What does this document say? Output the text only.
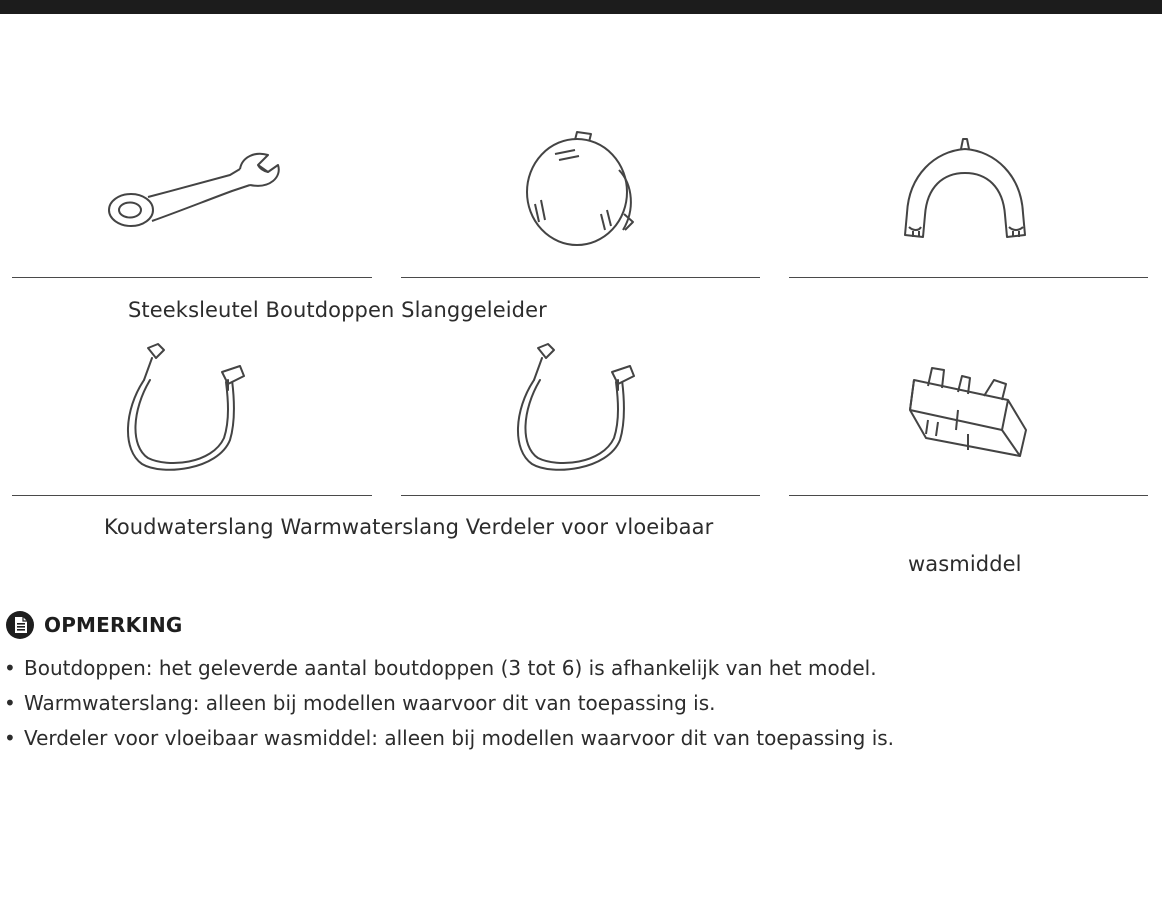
Steeksleutel Boutdoppen Slanggeleider
Koudwaterslang Warmwaterslang Verdeler voor vloeibaar
wasmiddel
OPMERKING
• Boutdoppen: het geleverde aantal boutdoppen (3 tot 6) is afhankelijk van het model.
• Warmwaterslang: alleen bij modellen waarvoor dit van toepassing is.
• Verdeler voor vloeibaar wasmiddel: alleen bij modellen waarvoor dit van toepassing is.
